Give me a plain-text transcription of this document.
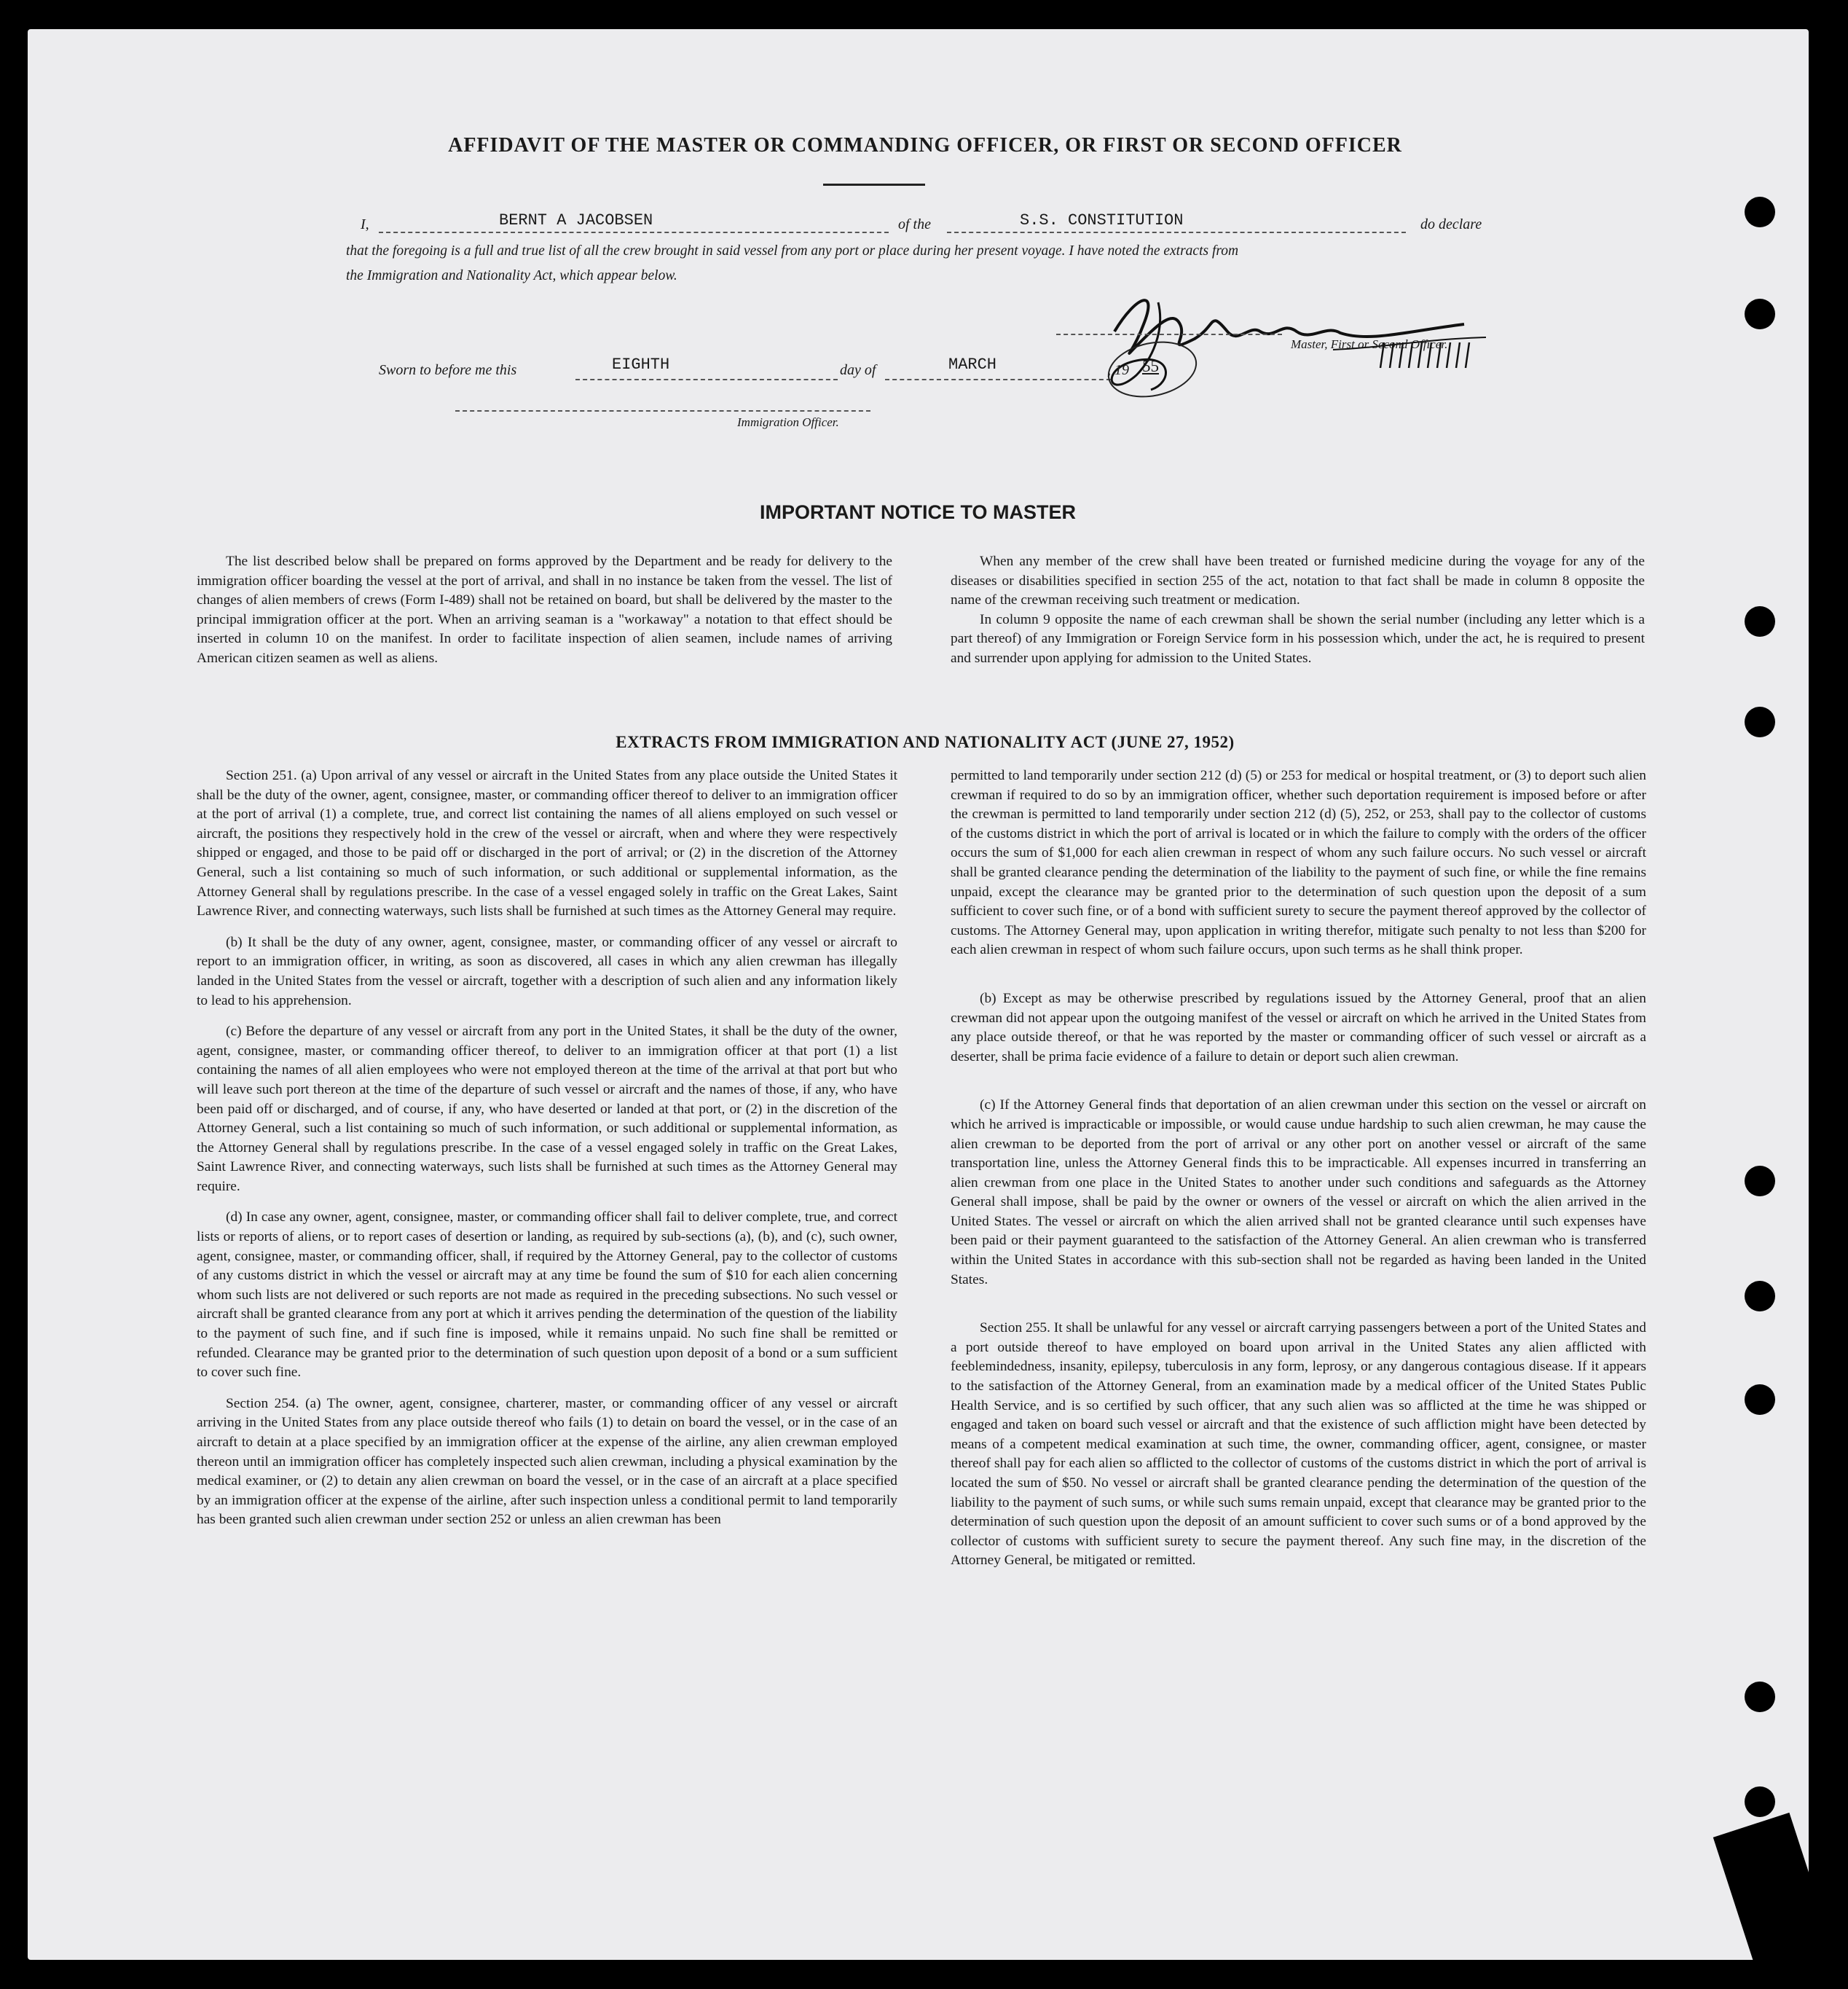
AFFIDAVIT OF THE MASTER OR COMMANDING OFFICER, OR FIRST OR SECOND OFFICER
I,	BERNT A JACOBSEN	of the	S.S. CONSTITUTION	do declare
that the foregoing is a full and true list of all the crew brought in said vessel from any port or place during her present voyage. I have noted the extracts from
the Immigration and Nationality Act, which appear below.
Master, First or Second Officer.
Sworn to before me this	EIGHTH	day of	MARCH	, 19 55
Immigration Officer.
IMPORTANT NOTICE TO MASTER

The list described below shall be prepared on forms approved by the Department and be ready for delivery to the immigration officer boarding the vessel at the port of arrival, and shall in no instance be taken from the vessel. The list of changes of alien members of crews (Form I-489) shall not be retained on board, but shall be delivered by the master to the principal immigration officer at the port. When an arriving seaman is a "workaway" a notation to that effect should be inserted in column 10 on the manifest. In order to facilitate inspection of alien seamen, include names of arriving American citizen seamen as well as aliens.

When any member of the crew shall have been treated or furnished medicine during the voyage for any of the diseases or disabilities specified in section 255 of the act, notation to that fact shall be made in column 8 opposite the name of the crewman receiving such treatment or medication.

In column 9 opposite the name of each crewman shall be shown the serial number (including any letter which is a part thereof) of any Immigration or Foreign Service form in his possession which, under the act, he is required to present and surrender upon applying for admission to the United States.

EXTRACTS FROM IMMIGRATION AND NATIONALITY ACT (JUNE 27, 1952)

Section 251. (a) Upon arrival of any vessel or aircraft in the United States from any place outside the United States it shall be the duty of the owner, agent, consignee, master, or commanding officer thereof to deliver to an immigration officer at the port of arrival (1) a complete, true, and correct list containing the names of all aliens employed on such vessel or aircraft, the positions they respectively hold in the crew of the vessel or aircraft, when and where they were respectively shipped or engaged, and those to be paid off or discharged in the port of arrival; or (2) in the discretion of the Attorney General, such a list containing so much of such information, or such additional or supplemental information, as the Attorney General shall by regulations prescribe. In the case of a vessel engaged solely in traffic on the Great Lakes, Saint Lawrence River, and connecting waterways, such lists shall be furnished at such times as the Attorney General may require.

(b) It shall be the duty of any owner, agent, consignee, master, or commanding officer of any vessel or aircraft to report to an immigration officer, in writing, as soon as discovered, all cases in which any alien crewman has illegally landed in the United States from the vessel or aircraft, together with a description of such alien and any information likely to lead to his apprehension.

(c) Before the departure of any vessel or aircraft from any port in the United States, it shall be the duty of the owner, agent, consignee, master, or commanding officer thereof, to deliver to an immigration officer at that port (1) a list containing the names of all alien employees who were not employed thereon at the time of the arrival at that port but who will leave such port thereon at the time of the departure of such vessel or aircraft and the names of those, if any, who have been paid off or discharged, and of course, if any, who have deserted or landed at that port, or (2) in the discretion of the Attorney General, such a list containing so much of such information, or such additional or supplemental information, as the Attorney General shall by regulations prescribe. In the case of a vessel engaged solely in traffic on the Great Lakes, Saint Lawrence River, and connecting waterways, such lists shall be furnished at such times as the Attorney General may require.

(d) In case any owner, agent, consignee, master, or commanding officer shall fail to deliver complete, true, and correct lists or reports of aliens, or to report cases of desertion or landing, as required by sub-sections (a), (b), and (c), such owner, agent, consignee, master, or commanding officer, shall, if required by the Attorney General, pay to the collector of customs of any customs district in which the vessel or aircraft may at any time be found the sum of $10 for each alien concerning whom such lists are not delivered or such reports are not made as required in the preceding subsections. No such vessel or aircraft shall be granted clearance from any port at which it arrives pending the determination of the question of the liability to the payment of such fine, and if such fine is imposed, while it remains unpaid. No such fine shall be remitted or refunded. Clearance may be granted prior to the determination of such question upon deposit of a bond or a sum sufficient to cover such fine.

Section 254. (a) The owner, agent, consignee, charterer, master, or commanding officer of any vessel or aircraft arriving in the United States from any place outside thereof who fails (1) to detain on board the vessel, or in the case of an aircraft to detain at a place specified by an immigration officer at the expense of the airline, any alien crewman employed thereon until an immigration officer has completely inspected such alien crewman, including a physical examination by the medical examiner, or (2) to detain any alien crewman on board the vessel, or in the case of an aircraft at a place specified by an immigration officer at the expense of the airline, after such inspection unless a conditional permit to land temporarily has been granted such alien crewman under section 252 or unless an alien crewman has been

permitted to land temporarily under section 212 (d) (5) or 253 for medical or hospital treatment, or (3) to deport such alien crewman if required to do so by an immigration officer, whether such deportation requirement is imposed before or after the crewman is permitted to land temporarily under section 212 (d) (5), 252, or 253, shall pay to the collector of customs of the customs district in which the port of arrival is located or in which the failure to comply with the orders of the officer occurs the sum of $1,000 for each alien crewman in respect of whom any such failure occurs. No such vessel or aircraft shall be granted clearance pending the determination of the liability to the payment of such fine, or while the fine remains unpaid, except the clearance may be granted prior to the determination of such question upon the deposit of a sum sufficient to cover such fine, or of a bond with sufficient surety to secure the payment thereof approved by the collector of customs. The Attorney General may, upon application in writing therefor, mitigate such penalty to not less than $200 for each alien crewman in respect of whom such failure occurs, upon such terms as he shall think proper.

(b) Except as may be otherwise prescribed by regulations issued by the Attorney General, proof that an alien crewman did not appear upon the outgoing manifest of the vessel or aircraft on which he arrived in the United States from any place outside thereof, or that he was reported by the master or commanding officer of such vessel or aircraft as a deserter, shall be prima facie evidence of a failure to detain or deport such alien crewman.

(c) If the Attorney General finds that deportation of an alien crewman under this section on the vessel or aircraft on which he arrived is impracticable or impossible, or would cause undue hardship to such alien crewman, he may cause the alien crewman to be deported from the port of arrival or any other port on another vessel or aircraft of the same transportation line, unless the Attorney General finds this to be impracticable. All expenses incurred in transferring an alien crewman from one place in the United States to another under such conditions and safeguards as the Attorney General shall impose, shall be paid by the owner or owners of the vessel or aircraft on which the alien arrived in the United States. The vessel or aircraft on which the alien arrived shall not be granted clearance until such expenses have been paid or their payment guaranteed to the satisfaction of the Attorney General. An alien crewman who is transferred within the United States in accordance with this sub-section shall not be regarded as having been landed in the United States.

Section 255. It shall be unlawful for any vessel or aircraft carrying passengers between a port of the United States and a port outside thereof to have employed on board upon arrival in the United States any alien afflicted with feeblemindedness, insanity, epilepsy, tuberculosis in any form, leprosy, or any dangerous contagious disease. If it appears to the satisfaction of the Attorney General, from an examination made by a medical officer of the United States Public Health Service, and is so certified by such officer, that any such alien was so afflicted at the time he was shipped or engaged and taken on board such vessel or aircraft and that the existence of such affliction might have been detected by means of a competent medical examination at such time, the owner, commanding officer, agent, consignee, or master thereof shall pay for each alien so afflicted to the collector of customs of the customs district in which the port of arrival is located the sum of $50. No vessel or aircraft shall be granted clearance pending the determination of the question of the liability to the payment of such sums, or while such sums remain unpaid, except that clearance may be granted prior to the determination of such question upon the deposit of an amount sufficient to cover such sums or of a bond approved by the collector of customs with sufficient surety to secure the payment thereof. Any such fine may, in the discretion of the Attorney General, be mitigated or remitted.
